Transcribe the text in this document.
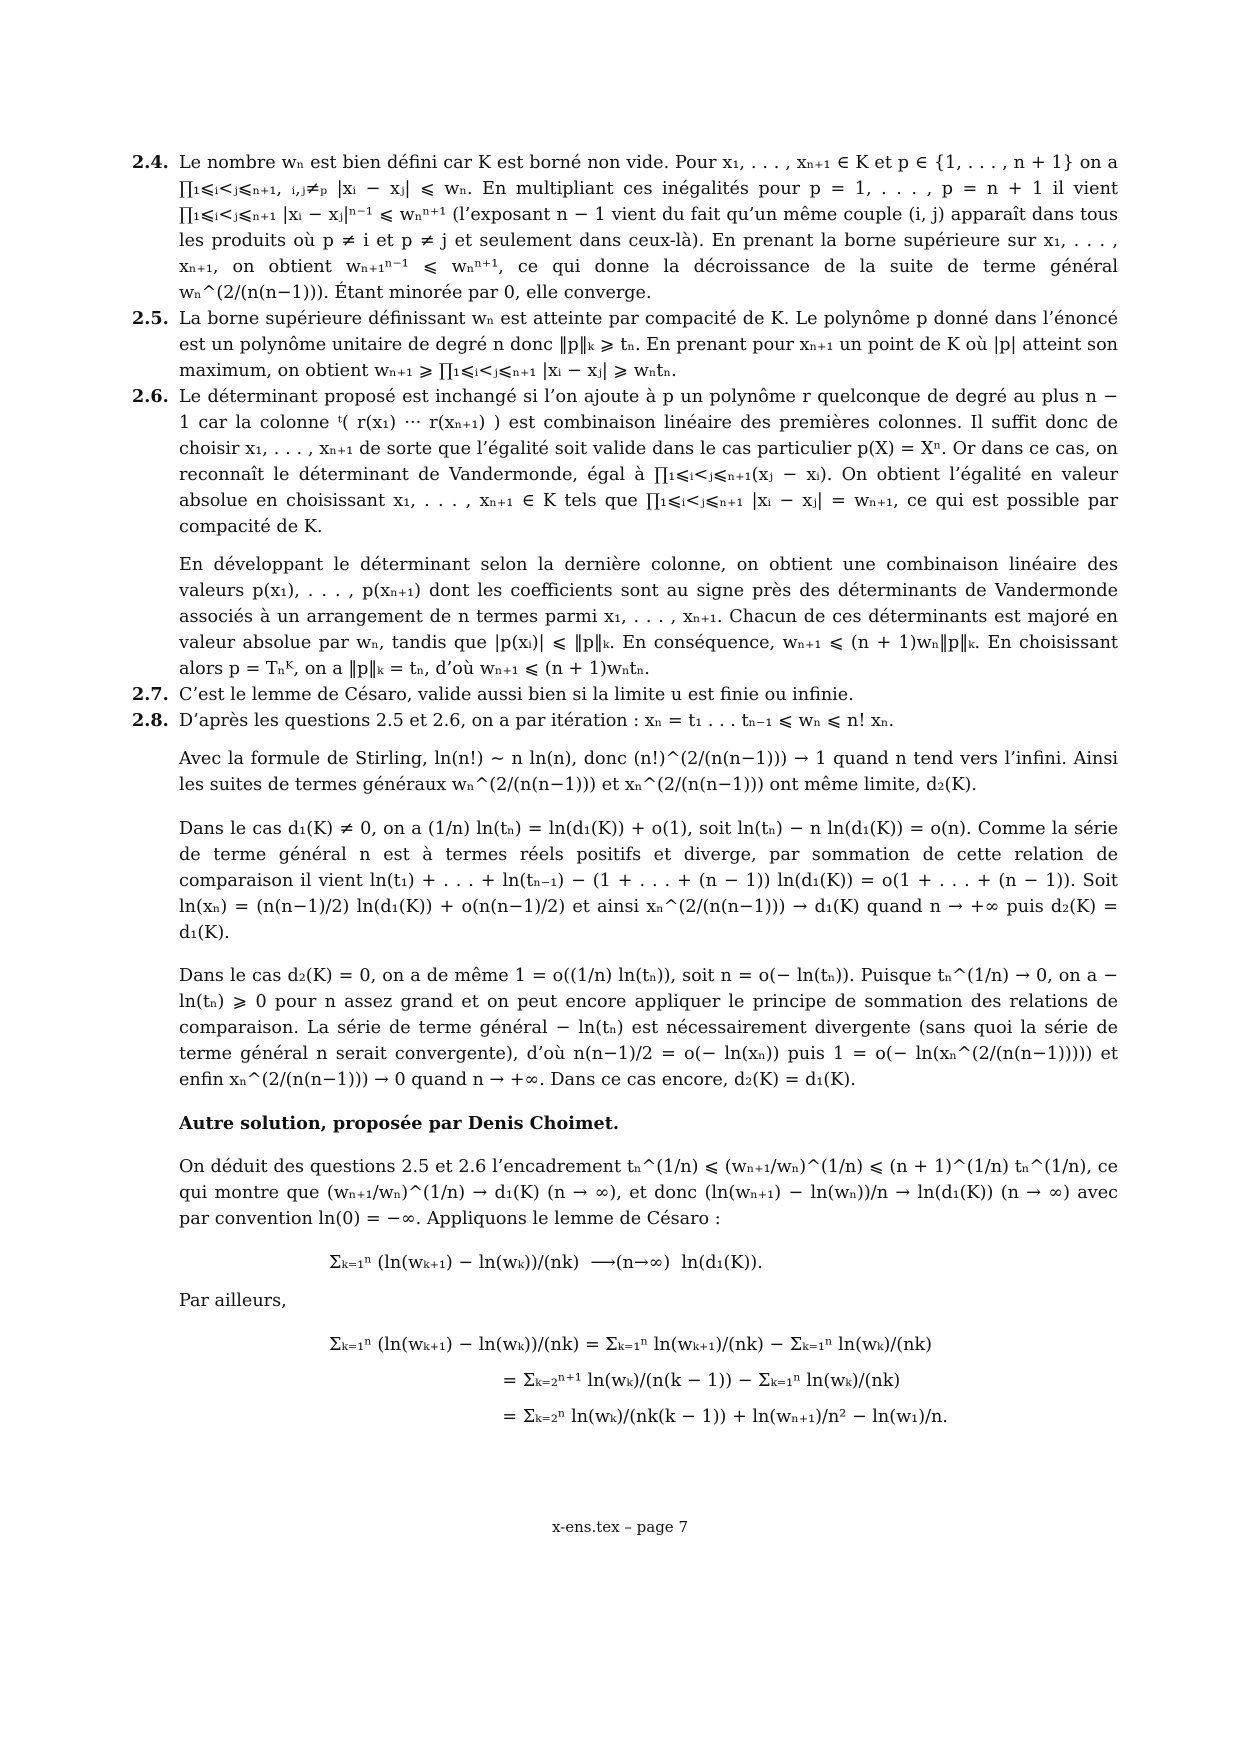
2.4. Le nombre wₙ est bien défini car K est borné non vide. Pour x₁, . . . , xₙ₊₁ ∈ K et p ∈ {1, . . . , n + 1} on a ∏₁⩽ᵢ<ⱼ⩽ₙ₊₁, ᵢ,ⱼ≠ₚ |xᵢ − xⱼ| ⩽ wₙ. En multipliant ces inégalités pour p = 1, . . . , p = n + 1 il vient ∏₁⩽ᵢ<ⱼ⩽ₙ₊₁ |xᵢ − xⱼ|ⁿ⁻¹ ⩽ wₙⁿ⁺¹ (l’exposant n − 1 vient du fait qu’un même couple (i, j) apparaît dans tous les produits où p ≠ i et p ≠ j et seulement dans ceux-là). En prenant la borne supérieure sur x₁, . . . , xₙ₊₁, on obtient wₙ₊₁ⁿ⁻¹ ⩽ wₙⁿ⁺¹, ce qui donne la décroissance de la suite de terme général wₙ^(2/(n(n−1))). Étant minorée par 0, elle converge.

2.5. La borne supérieure définissant wₙ est atteinte par compacité de K. Le polynôme p donné dans l’énoncé est un polynôme unitaire de degré n donc ‖p‖ₖ ⩾ tₙ. En prenant pour xₙ₊₁ un point de K où |p| atteint son maximum, on obtient wₙ₊₁ ⩾ ∏₁⩽ᵢ<ⱼ⩽ₙ₊₁ |xᵢ − xⱼ| ⩾ wₙtₙ.

2.6. Le déterminant proposé est inchangé si l’on ajoute à p un polynôme r quelconque de degré au plus n − 1 car la colonne ᵗ( r(x₁) ··· r(xₙ₊₁) ) est combinaison linéaire des premières colonnes. Il suffit donc de choisir x₁, . . . , xₙ₊₁ de sorte que l’égalité soit valide dans le cas particulier p(X) = Xⁿ. Or dans ce cas, on reconnaît le déterminant de Vandermonde, égal à ∏₁⩽ᵢ<ⱼ⩽ₙ₊₁(xⱼ − xᵢ). On obtient l’égalité en valeur absolue en choisissant x₁, . . . , xₙ₊₁ ∈ K tels que ∏₁⩽ᵢ<ⱼ⩽ₙ₊₁ |xᵢ − xⱼ| = wₙ₊₁, ce qui est possible par compacité de K.

En développant le déterminant selon la dernière colonne, on obtient une combinaison linéaire des valeurs p(x₁), . . . , p(xₙ₊₁) dont les coefficients sont au signe près des déterminants de Vandermonde associés à un arrangement de n termes parmi x₁, . . . , xₙ₊₁. Chacun de ces déterminants est majoré en valeur absolue par wₙ, tandis que |p(xᵢ)| ⩽ ‖p‖ₖ. En conséquence, wₙ₊₁ ⩽ (n + 1)wₙ‖p‖ₖ. En choisissant alors p = Tₙᴷ, on a ‖p‖ₖ = tₙ, d’où wₙ₊₁ ⩽ (n + 1)wₙtₙ.

2.7. C’est le lemme de Césaro, valide aussi bien si la limite u est finie ou infinie.

2.8. D’après les questions 2.5 et 2.6, on a par itération : xₙ = t₁ . . . tₙ₋₁ ⩽ wₙ ⩽ n! xₙ.

Avec la formule de Stirling, ln(n!) ∼ n ln(n), donc (n!)^(2/(n(n−1))) → 1 quand n tend vers l’infini. Ainsi les suites de termes généraux wₙ^(2/(n(n−1))) et xₙ^(2/(n(n−1))) ont même limite, d₂(K).

Dans le cas d₁(K) ≠ 0, on a (1/n) ln(tₙ) = ln(d₁(K)) + o(1), soit ln(tₙ) − n ln(d₁(K)) = o(n). Comme la série de terme général n est à termes réels positifs et diverge, par sommation de cette relation de comparaison il vient ln(t₁) + . . . + ln(tₙ₋₁) − (1 + . . . + (n − 1)) ln(d₁(K)) = o(1 + . . . + (n − 1)). Soit ln(xₙ) = (n(n−1)/2) ln(d₁(K)) + o(n(n−1)/2) et ainsi xₙ^(2/(n(n−1))) → d₁(K) quand n → +∞ puis d₂(K) = d₁(K).

Dans le cas d₂(K) = 0, on a de même 1 = o((1/n) ln(tₙ)), soit n = o(− ln(tₙ)). Puisque tₙ^(1/n) → 0, on a − ln(tₙ) ⩾ 0 pour n assez grand et on peut encore appliquer le principe de sommation des relations de comparaison. La série de terme général − ln(tₙ) est nécessairement divergente (sans quoi la série de terme général n serait convergente), d’où n(n−1)/2 = o(− ln(xₙ)) puis 1 = o(− ln(xₙ^(2/(n(n−1))))) et enfin xₙ^(2/(n(n−1))) → 0 quand n → +∞. Dans ce cas encore, d₂(K) = d₁(K).

Autre solution, proposée par Denis Choimet.

On déduit des questions 2.5 et 2.6 l’encadrement tₙ^(1/n) ⩽ (wₙ₊₁/wₙ)^(1/n) ⩽ (n + 1)^(1/n) tₙ^(1/n), ce qui montre que (wₙ₊₁/wₙ)^(1/n) → d₁(K) (n → ∞), et donc (ln(wₙ₊₁) − ln(wₙ))/n → ln(d₁(K)) (n → ∞) avec par convention ln(0) = −∞. Appliquons le lemme de Césaro :

Σₖ₌₁ⁿ (ln(wₖ₊₁) − ln(wₖ))/(nk)  ⟶(n→∞)  ln(d₁(K)).

Par ailleurs,

Σₖ₌₁ⁿ (ln(wₖ₊₁) − ln(wₖ))/(nk) = Σₖ₌₁ⁿ ln(wₖ₊₁)/(nk) − Σₖ₌₁ⁿ ln(wₖ)/(nk)
= Σₖ₌₂ⁿ⁺¹ ln(wₖ)/(n(k − 1)) − Σₖ₌₁ⁿ ln(wₖ)/(nk)
= Σₖ₌₂ⁿ ln(wₖ)/(nk(k − 1)) + ln(wₙ₊₁)/n² − ln(w₁)/n.
x-ens.tex – page 7
